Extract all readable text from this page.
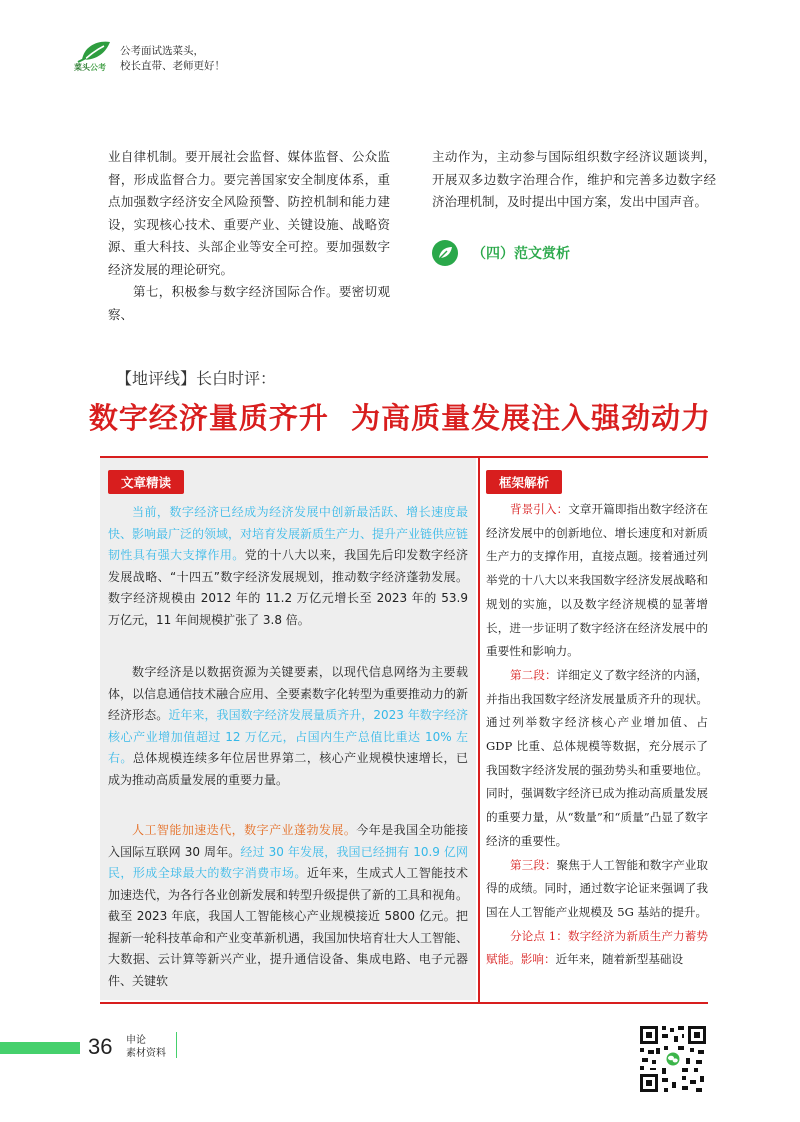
菜头公考
公考面试选菜头，
校长直带、老师更好！
业自律机制。要开展社会监督、媒体监督、公众监督，形成监督合力。要完善国家安全制度体系，重点加强数字经济安全风险预警、防控机制和能力建设，实现核心技术、重要产业、关键设施、战略资源、重大科技、头部企业等安全可控。要加强数字经济发展的理论研究。
第七，积极参与数字经济国际合作。要密切观察、
主动作为，主动参与国际组织数字经济议题谈判，开展双多边数字治理合作，维护和完善多边数字经济治理机制，及时提出中国方案，发出中国声音。
（四）范文赏析
【地评线】长白时评：
数字经济量质齐升  为高质量发展注入强劲动力
文章精读	框架解析

当前，数字经济已经成为经济发展中创新最活跃、增长速度最快、影响最广泛的领域，对培育发展新质生产力、提升产业链供应链韧性具有强大支撑作用。党的十八大以来，我国先后印发数字经济发展战略、“十四五”数字经济发展规划，推动数字经济蓬勃发展。数字经济规模由 2012 年的 11.2 万亿元增长至 2023 年的 53.9 万亿元，11 年间规模扩张了 3.8 倍。

数字经济是以数据资源为关键要素，以现代信息网络为主要载体，以信息通信技术融合应用、全要素数字化转型为重要推动力的新经济形态。近年来，我国数字经济发展量质齐升，2023 年数字经济核心产业增加值超过 12 万亿元，占国内生产总值比重达 10% 左右。总体规模连续多年位居世界第二，核心产业规模快速增长，已成为推动高质量发展的重要力量。

人工智能加速迭代，数字产业蓬勃发展。今年是我国全功能接入国际互联网 30 周年。经过 30 年发展，我国已经拥有 10.9 亿网民，形成全球最大的数字消费市场。近年来，生成式人工智能技术加速迭代，为各行各业创新发展和转型升级提供了新的工具和视角。截至 2023 年底，我国人工智能核心产业规模接近 5800 亿元。把握新一轮科技革命和产业变革新机遇，我国加快培育壮大人工智能、大数据、云计算等新兴产业，提升通信设备、集成电路、电子元器件、关键软

背景引入：文章开篇即指出数字经济在经济发展中的创新地位、增长速度和对新质生产力的支撑作用，直接点题。接着通过列举党的十八大以来我国数字经济发展战略和规划的实施，以及数字经济规模的显著增长，进一步证明了数字经济在经济发展中的重要性和影响力。

第二段：详细定义了数字经济的内涵，并指出我国数字经济发展量质齐升的现状。通过列举数字经济核心产业增加值、占 GDP 比重、总体规模等数据，充分展示了我国数字经济发展的强劲势头和重要地位。同时，强调数字经济已成为推动高质量发展的重要力量，从“数量”和“质量”凸显了数字经济的重要性。

第三段：聚焦于人工智能和数字产业取得的成绩。同时，通过数字论证来强调了我国在人工智能产业规模及 5G 基站的提升。

分论点 1：数字经济为新质生产力蓄势赋能。影响：近年来，随着新型基础设

36 申论
素材资料
